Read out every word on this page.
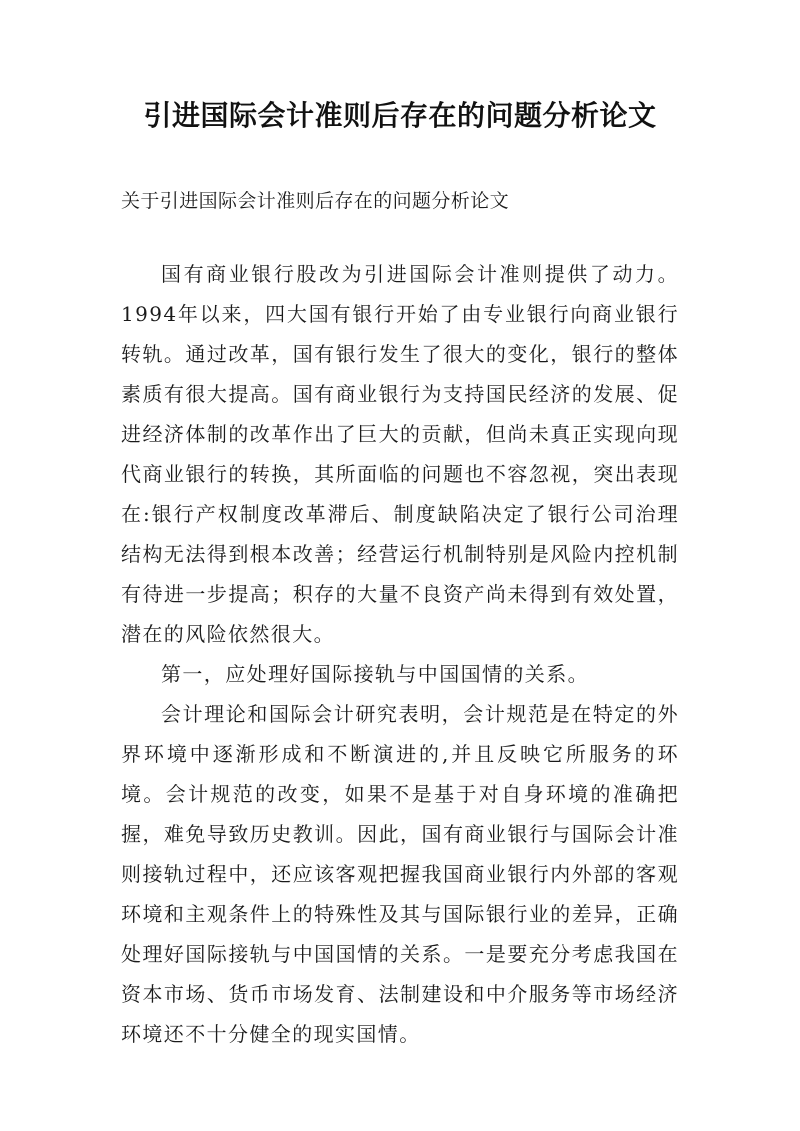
引进国际会计准则后存在的问题分析论文

关于引进国际会计准则后存在的问题分析论文

国有商业银行股改为引进国际会计准则提供了动力。1994年以来，四大国有银行开始了由专业银行向商业银行转轨。通过改革，国有银行发生了很大的变化，银行的整体素质有很大提高。国有商业银行为支持国民经济的发展、促进经济体制的改革作出了巨大的贡献，但尚未真正实现向现代商业银行的转换，其所面临的问题也不容忽视，突出表现在:银行产权制度改革滞后、制度缺陷决定了银行公司治理结构无法得到根本改善；经营运行机制特别是风险内控机制有待进一步提高；积存的大量不良资产尚未得到有效处置，潜在的风险依然很大。

第一，应处理好国际接轨与中国国情的关系。

会计理论和国际会计研究表明，会计规范是在特定的外界环境中逐渐形成和不断演进的,并且反映它所服务的环境。会计规范的改变，如果不是基于对自身环境的准确把握，难免导致历史教训。因此，国有商业银行与国际会计准则接轨过程中，还应该客观把握我国商业银行内外部的客观环境和主观条件上的特殊性及其与国际银行业的差异，正确处理好国际接轨与中国国情的关系。一是要充分考虑我国在资本市场、货币市场发育、法制建设和中介服务等市场经济环境还不十分健全的现实国情。
